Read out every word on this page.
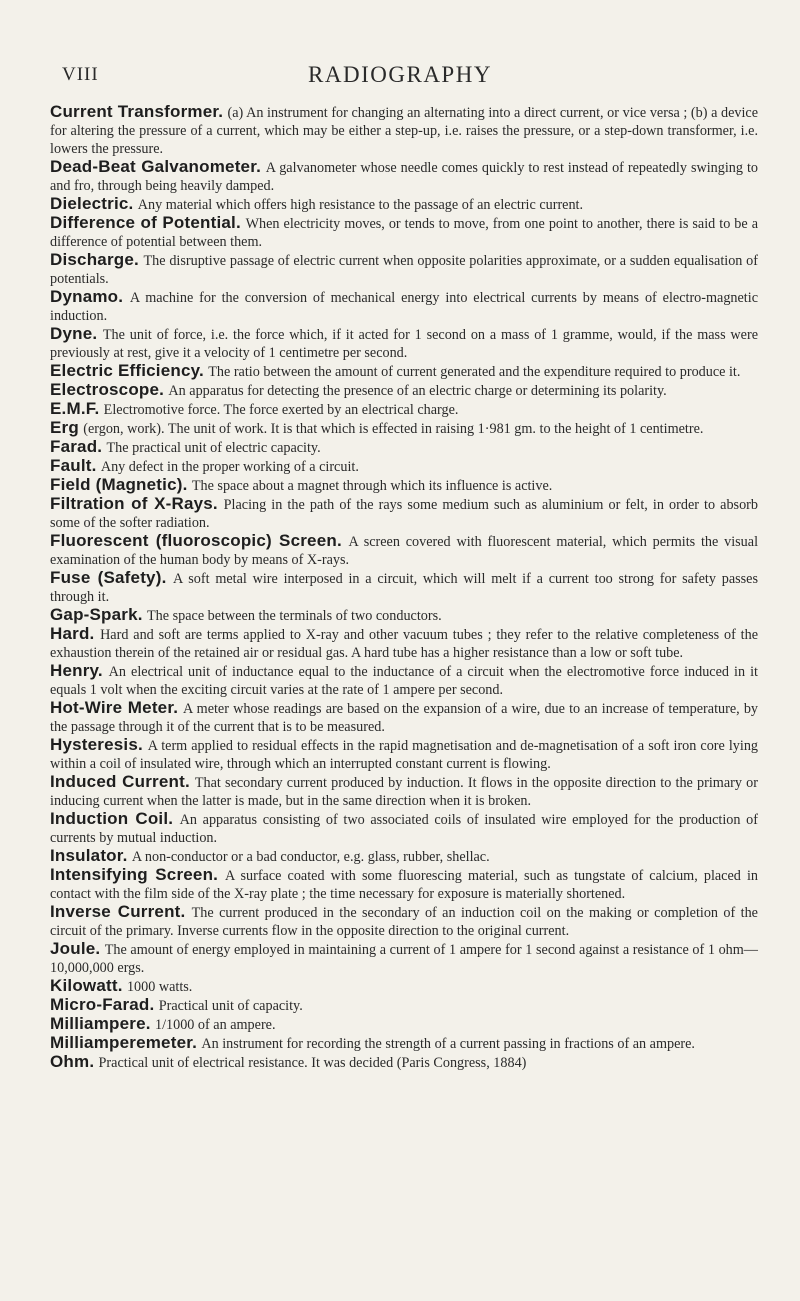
VIII	RADIOGRAPHY

Current Transformer. (a) An instrument for changing an alternating into a direct current, or vice versa ; (b) a device for altering the pressure of a current, which may be either a step-up, i.e. raises the pressure, or a step-down transformer, i.e. lowers the pressure.

Dead-Beat Galvanometer. A galvanometer whose needle comes quickly to rest instead of repeatedly swinging to and fro, through being heavily damped.

Dielectric. Any material which offers high resistance to the passage of an electric current.

Difference of Potential. When electricity moves, or tends to move, from one point to another, there is said to be a difference of potential between them.

Discharge. The disruptive passage of electric current when opposite polarities approximate, or a sudden equalisation of potentials.

Dynamo. A machine for the conversion of mechanical energy into electrical currents by means of electro-magnetic induction.

Dyne. The unit of force, i.e. the force which, if it acted for 1 second on a mass of 1 gramme, would, if the mass were previously at rest, give it a velocity of 1 centimetre per second.

Electric Efficiency. The ratio between the amount of current generated and the expenditure required to produce it.

Electroscope. An apparatus for detecting the presence of an electric charge or determining its polarity.

E.M.F. Electromotive force. The force exerted by an electrical charge.

Erg (ergon, work). The unit of work. It is that which is effected in raising 1·981 gm. to the height of 1 centimetre.

Farad. The practical unit of electric capacity.

Fault. Any defect in the proper working of a circuit.

Field (Magnetic). The space about a magnet through which its influence is active.

Filtration of X-Rays. Placing in the path of the rays some medium such as aluminium or felt, in order to absorb some of the softer radiation.

Fluorescent (fluoroscopic) Screen. A screen covered with fluorescent material, which permits the visual examination of the human body by means of X-rays.

Fuse (Safety). A soft metal wire interposed in a circuit, which will melt if a current too strong for safety passes through it.

Gap-Spark. The space between the terminals of two conductors.

Hard. Hard and soft are terms applied to X-ray and other vacuum tubes ; they refer to the relative completeness of the exhaustion therein of the retained air or residual gas. A hard tube has a higher resistance than a low or soft tube.

Henry. An electrical unit of inductance equal to the inductance of a circuit when the electromotive force induced in it equals 1 volt when the exciting circuit varies at the rate of 1 ampere per second.

Hot-Wire Meter. A meter whose readings are based on the expansion of a wire, due to an increase of temperature, by the passage through it of the current that is to be measured.

Hysteresis. A term applied to residual effects in the rapid magnetisation and de-magnetisation of a soft iron core lying within a coil of insulated wire, through which an interrupted constant current is flowing.

Induced Current. That secondary current produced by induction. It flows in the opposite direction to the primary or inducing current when the latter is made, but in the same direction when it is broken.

Induction Coil. An apparatus consisting of two associated coils of insulated wire employed for the production of currents by mutual induction.

Insulator. A non-conductor or a bad conductor, e.g. glass, rubber, shellac.

Intensifying Screen. A surface coated with some fluorescing material, such as tungstate of calcium, placed in contact with the film side of the X-ray plate ; the time necessary for exposure is materially shortened.

Inverse Current. The current produced in the secondary of an induction coil on the making or completion of the circuit of the primary. Inverse currents flow in the opposite direction to the original current.

Joule. The amount of energy employed in maintaining a current of 1 ampere for 1 second against a resistance of 1 ohm—10,000,000 ergs.

Kilowatt. 1000 watts.

Micro-Farad. Practical unit of capacity.

Milliampere. 1/1000 of an ampere.

Milliamperemeter. An instrument for recording the strength of a current passing in fractions of an ampere.

Ohm. Practical unit of electrical resistance. It was decided (Paris Congress, 1884)
